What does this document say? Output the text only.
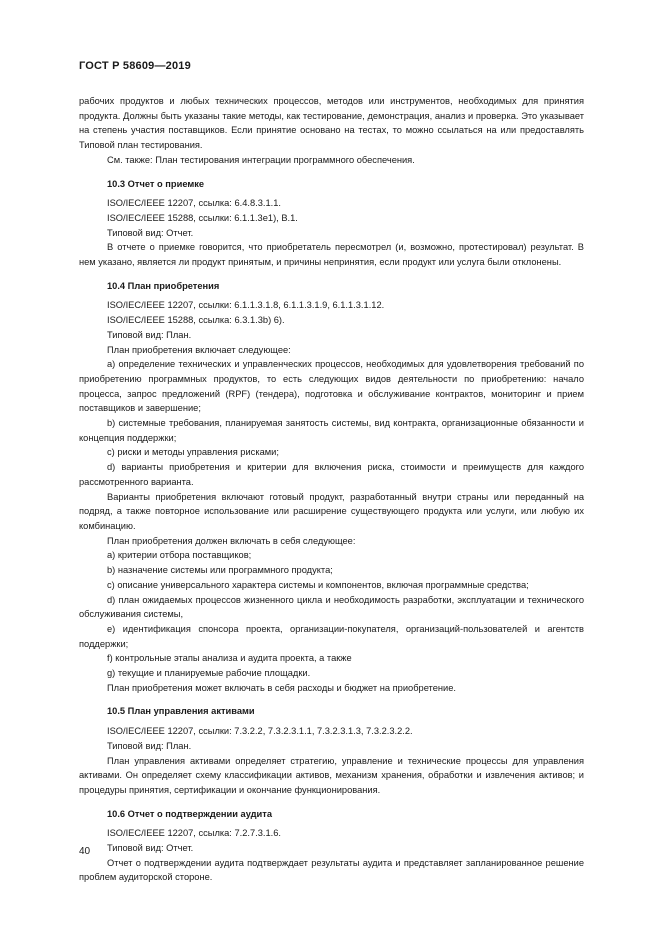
ГОСТ Р 58609—2019

рабочих продуктов и любых технических процессов, методов или инструментов, необходимых для принятия продукта. Должны быть указаны такие методы, как тестирование, демонстрация, анализ и проверка. Это указывает на степень участия поставщиков. Если принятие основано на тестах, то можно ссылаться на или предоставлять Типовой план тестирования.

См. также: План тестирования интеграции программного обеспечения.

10.3 Отчет о приемке

ISO/IEC/IEEE 12207, ссылка: 6.4.8.3.1.1.

ISO/IEC/IEEE 15288, ссылки: 6.1.1.3е1), В.1.

Типовой вид: Отчет.

В отчете о приемке говорится, что приобретатель пересмотрел (и, возможно, протестировал) результат. В нем указано, является ли продукт принятым, и причины непринятия, если продукт или услуга были отклонены.

10.4 План приобретения

ISO/IEC/IEEE 12207, ссылки: 6.1.1.3.1.8, 6.1.1.3.1.9, 6.1.1.3.1.12.

ISO/IEC/IEEE 15288, ссылка: 6.3.1.3b) 6).

Типовой вид: План.

План приобретения включает следующее:

a) определение технических и управленческих процессов, необходимых для удовлетворения требований по приобретению программных продуктов, то есть следующих видов деятельности по приобретению: начало процесса, запрос предложений (RPF) (тендера), подготовка и обслуживание контрактов, мониторинг и прием поставщиков и завершение;

b) системные требования, планируемая занятость системы, вид контракта, организационные обязанности и концепция поддержки;

c) риски и методы управления рисками;

d) варианты приобретения и критерии для включения риска, стоимости и преимуществ для каждого рассмотренного варианта.

Варианты приобретения включают готовый продукт, разработанный внутри страны или переданный на подряд, а также повторное использование или расширение существующего продукта или услуги, или любую их комбинацию.

План приобретения должен включать в себя следующее:

a) критерии отбора поставщиков;

b) назначение системы или программного продукта;

c) описание универсального характера системы и компонентов, включая программные средства;

d) план ожидаемых процессов жизненного цикла и необходимость разработки, эксплуатации и технического обслуживания системы,

e) идентификация спонсора проекта, организации-покупателя, организаций-пользователей и агентств поддержки;

f) контрольные этапы анализа и аудита проекта, а также

g) текущие и планируемые рабочие площадки.

План приобретения может включать в себя расходы и бюджет на приобретение.

10.5 План управления активами

ISO/IEC/IEEE 12207, ссылки: 7.3.2.2, 7.3.2.3.1.1, 7.3.2.3.1.3, 7.3.2.3.2.2.

Типовой вид: План.

План управления активами определяет стратегию, управление и технические процессы для управления активами. Он определяет схему классификации активов, механизм хранения, обработки и извлечения активов; и процедуры принятия, сертификации и окончание функционирования.

10.6 Отчет о подтверждении аудита

ISO/IEC/IEEE 12207, ссылка: 7.2.7.3.1.6.

Типовой вид: Отчет.

Отчет о подтверждении аудита подтверждает результаты аудита и представляет запланированное решение проблем аудиторской стороне.

40
